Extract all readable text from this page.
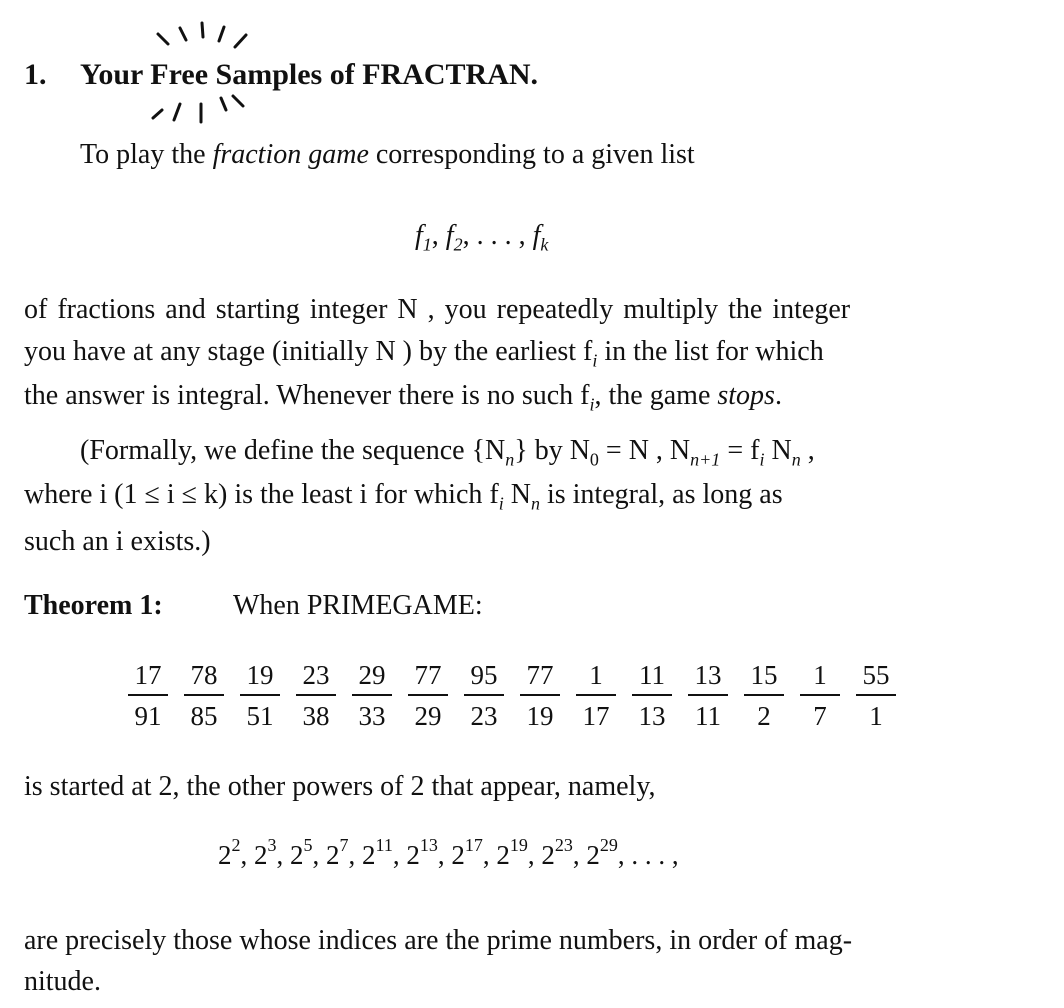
1. Your Free Samples of FRACTRAN.
To play the fraction game corresponding to a given list
$f_1$, $f_2$, . . . , $f_k$
of fractions and starting integer N , you repeatedly multiply the integer
you have at any stage (initially N ) by the earliest $f_i$ in the list for which
the answer is integral. Whenever there is no such $f_i$, the game stops.
(Formally, we define the sequence $\{N_n\}$ by $N_0 = N$ , $N_{n+1} = f_i$ $N_n$ ,
where i (1 ≤ i ≤ k) is the least i for which $f_i$ $N_n$ is integral, as long as
such an i exists.)
Theorem 1:	When PRIMEGAME:
$\frac{17}{91} \frac{78}{85} \frac{19}{51} \frac{23}{38} \frac{29}{33} \frac{77}{29} \frac{95}{23} \frac{77}{19} \frac{1}{17} \frac{11}{13} \frac{13}{11} \frac{15}{2} \frac{1}{7} \frac{55}{1}$
is started at 2, the other powers of 2 that appear, namely,
$2^2$, $2^3$, $2^5$, $2^7$, $2^{11}$, $2^{13}$, $2^{17}$, $2^{19}$, $2^{23}$, $2^{29}$, . . . ,
are precisely those whose indices are the prime numbers, in order of mag-
nitude.
